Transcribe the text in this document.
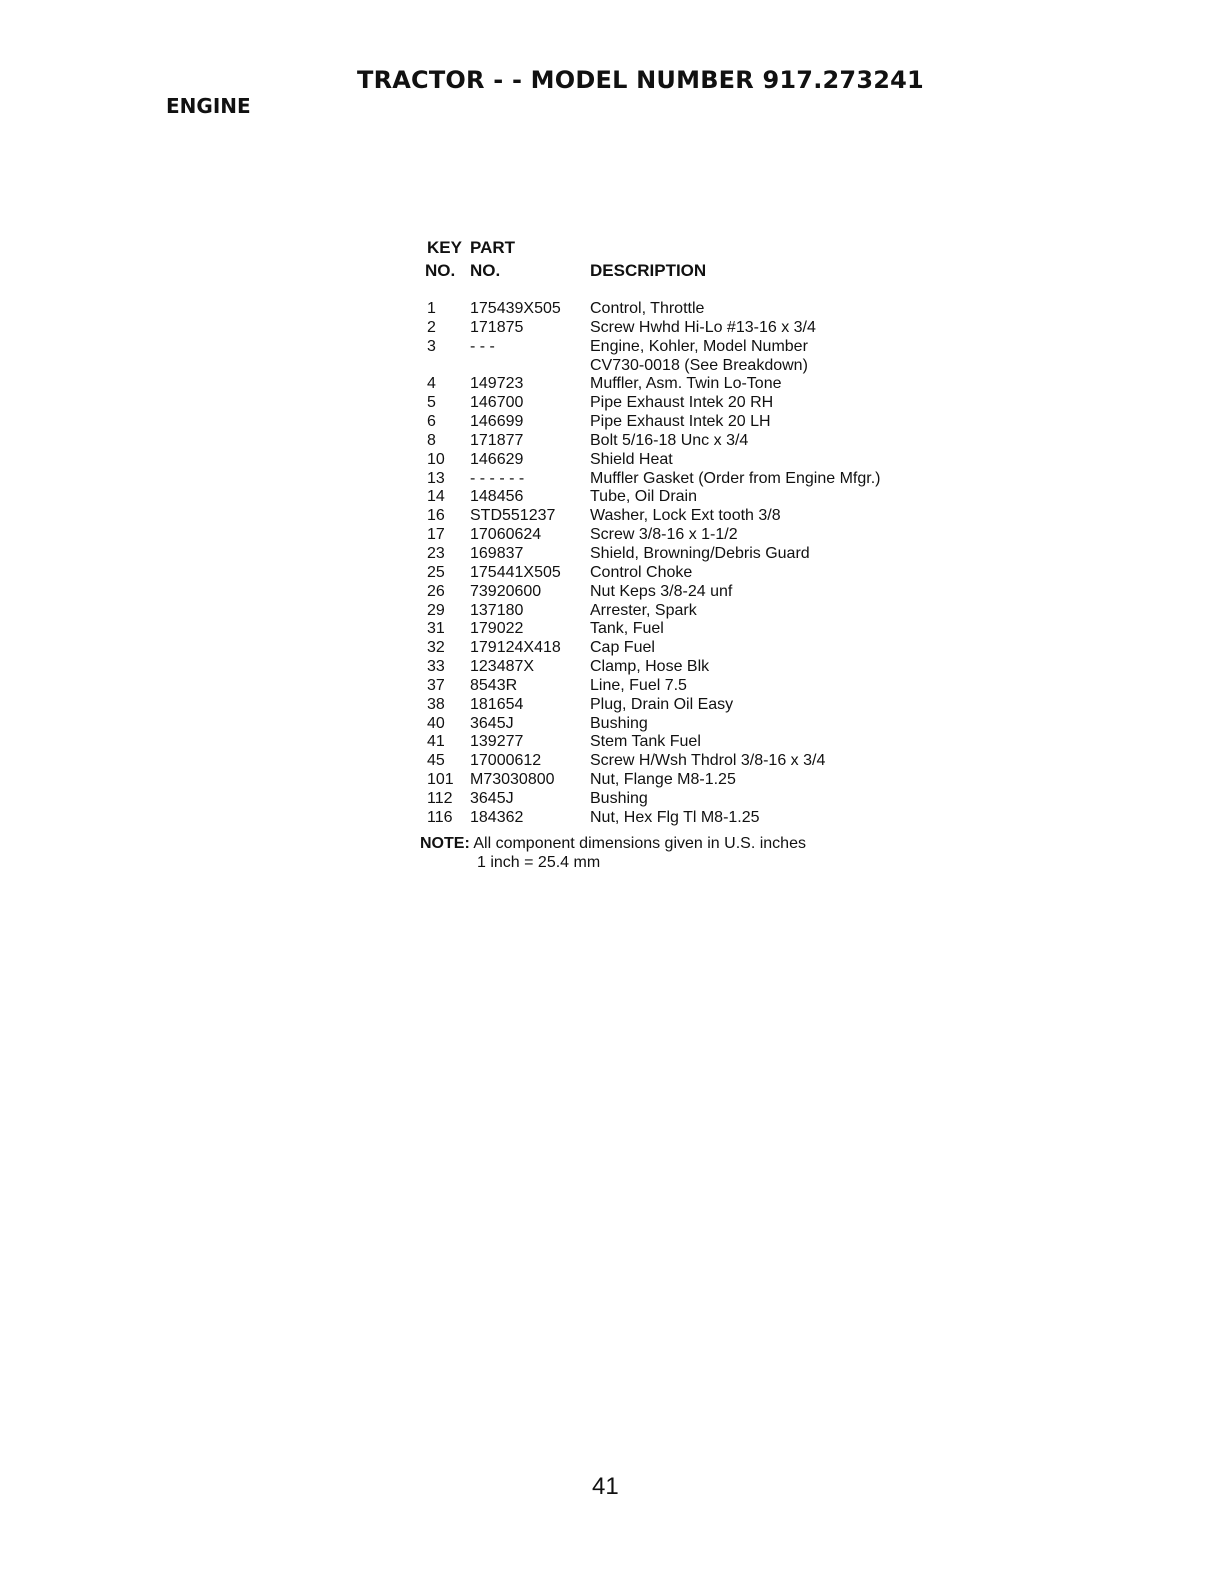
TRACTOR - - MODEL NUMBER 917.273241
ENGINE
KEY
NO.
PART
NO.	DESCRIPTION
1 175439X505 Control, Throttle
2 171875	Screw Hwhd Hi-Lo #13-16 x 3/4
3 - - -	Engine, Kohler, Model Number
CV730-0018 (See Breakdown)
4 149723	Muffler, Asm. Twin Lo-Tone
5 146700	Pipe Exhaust Intek 20 RH
6 146699	Pipe Exhaust Intek 20 LH
8 171877	Bolt 5/16-18 Unc x 3/4
10 146629	Shield Heat
13 - - - - - -	Muffler Gasket (Order from Engine Mfgr.)
14 148456	Tube, Oil Drain
16 STD551237 Washer, Lock Ext tooth 3/8
17 17060624	Screw 3/8-16 x 1-1/2
23 169837	Shield, Browning/Debris Guard
25 175441X505 Control Choke
26 73920600	Nut Keps 3/8-24 unf
29 137180	Arrester, Spark
31 179022	Tank, Fuel
32 179124X418 Cap Fuel
33 123487X	Clamp, Hose Blk
37 8543R	Line, Fuel 7.5
38 181654	Plug, Drain Oil Easy
40 3645J	Bushing
41 139277	Stem Tank Fuel
45 17000612	Screw H/Wsh Thdrol 3/8-16 x 3/4
101 M73030800 Nut, Flange M8-1.25
112 3645J	Bushing
116 184362	Nut, Hex Flg Tl M8-1.25
NOTE: All component dimensions given in U.S. inches
1 inch = 25.4 mm
41
